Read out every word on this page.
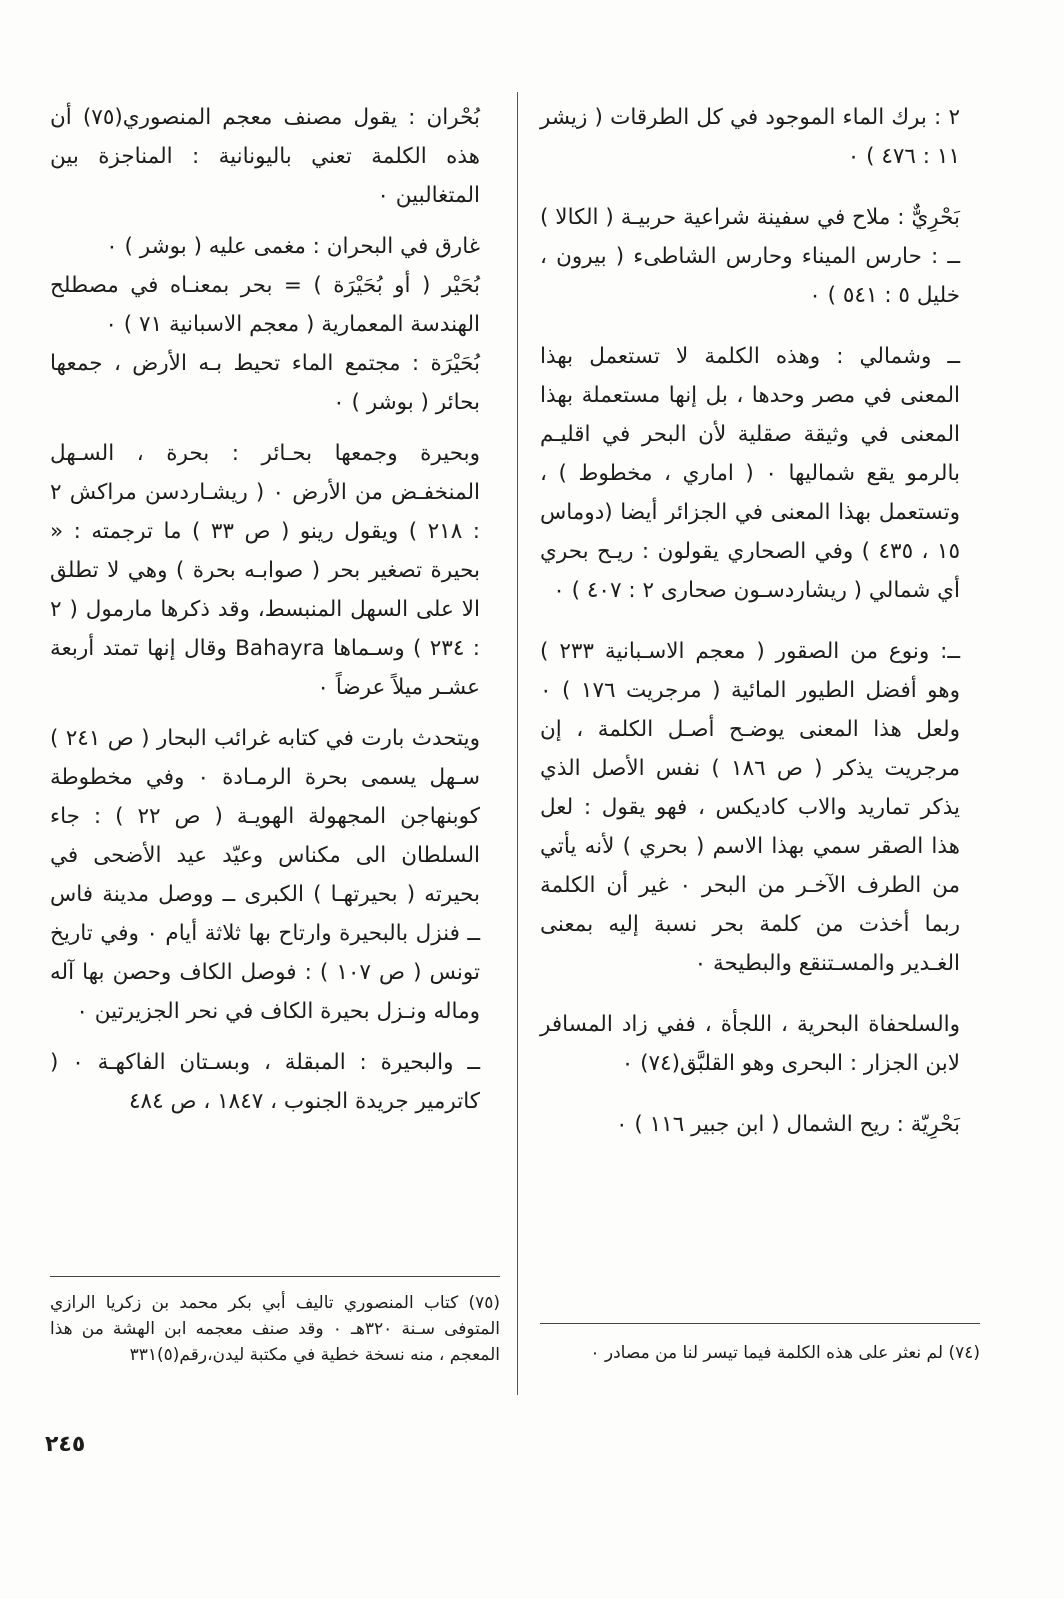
٢ : برك الماء الموجود في كل الطرقات ( زيشر ١١ : ٤٧٦ ) ٠

بَحْرِيٌّ : ملاح في سفينة شراعية حربيـة ( الكالا ) ــ : حارس الميناء وحارس الشاطىء ( بيرون ، خليل ٥ : ٥٤١ ) ٠

ــ وشمالي : وهذه الكلمة لا تستعمل بهذا المعنى في مصر وحدها ، بل إنها مستعملة بهذا المعنى في وثيقة صقلية لأن البحر في اقليـم بالرمو يقع شماليها ٠ ( اماري ، مخطوط ) ، وتستعمل بهذا المعنى في الجزائر أيضا (دوماس ١٥ ، ٤٣٥ ) وفي الصحاري يقولون : ريـح بحري أي شمالي ( ريشاردسـون صحارى ٢ : ٤٠٧ ) ٠

ــ: ونوع من الصقور ( معجم الاسـبانية ٢٣٣ ) وهو أفضل الطيور المائية ( مرجريت ١٧٦ ) ٠ ولعل هذا المعنى يوضـح أصـل الكلمة ، إن مرجريت يذكر ( ص ١٨٦ ) نفس الأصل الذي يذكر تماريد والاب كاديكس ، فهو يقول : لعل هذا الصقر سمي بهذا الاسم ( بحري ) لأنه يأتي من الطرف الآخـر من البحر ٠ غير أن الكلمة ربما أخذت من كلمة بحر نسبة إليه بمعنى الغـدير والمسـتنقع والبطيحة ٠

والسلحفاة البحرية ، اللجأة ، ففي زاد المسافر لابن الجزار : البحرى وهو القلبَّق(٧٤) ٠

بَحْرِيّة : ريح الشمال ( ابن جبير ١١٦ ) ٠

بُحْران : يقول مصنف معجم المنصوري(٧٥) أن هذه الكلمة تعني باليونانية : المناجزة بين المتغالبين ٠

غارق في البحران : مغمى عليه ( بوشر ) ٠

بُحَيْر ( أو بُحَيْرَة ) = بحر بمعنـاه في مصطلح الهندسة المعمارية ( معجم الاسبانية ٧١ ) ٠

بُحَيْرَة : مجتمع الماء تحيط بـه الأرض ، جمعها بحائر ( بوشر ) ٠

وبحيرة وجمعها بحـائر : بحرة ، السـهل المنخفـض من الأرض ٠ ( ريشـاردسن مراكش ٢ : ٢١٨ ) ويقول رينو ( ص ٣٣ ) ما ترجمته : « بحيرة تصغير بحر ( صوابـه بحرة ) وهي لا تطلق الا على السهل المنبسط، وقد ذكرها مارمول ( ٢ : ٢٣٤ ) وسـماها Bahayra وقال إنها تمتد أربعة عشـر ميلاً عرضاً ٠

ويتحدث بارت في كتابه غرائب البحار ( ص ٢٤١ ) سـهل يسمى بحرة الرمـادة ٠ وفي مخطوطة كوبنهاجن المجهولة الهويـة ( ص ٢٢ ) : جاء السلطان الى مكناس وعيّد عيد الأضحى في بحيرته ( بحيرتهـا ) الكبرى ــ ووصل مدينة فاس ــ فنزل بالبحيرة وارتاح بها ثلاثة أيام ٠ وفي تاريخ تونس ( ص ١٠٧ ) : فوصل الكاف وحصن بها آله وماله ونـزل بحيرة الكاف في نحر الجزيرتين ٠

ــ والبحيرة : المبقلة ، وبسـتان الفاكهـة ٠ ( كاترمير جريدة الجنوب ، ١٨٤٧ ، ص ٤٨٤

(٧٤) لم نعثر على هذه الكلمة فيما تيسر لنا من مصادر ٠

(٧٥) كتاب المنصوري تاليف أبي بكر محمد بن زكريا الرازي المتوفى سـنة ٣٢٠هـ ٠ وقد صنف معجمه ابن الهشة من هذا المعجم ، منه نسخة خطية في مكتبة ليدن،رقم(٥)٣٣١

٢٤٥
